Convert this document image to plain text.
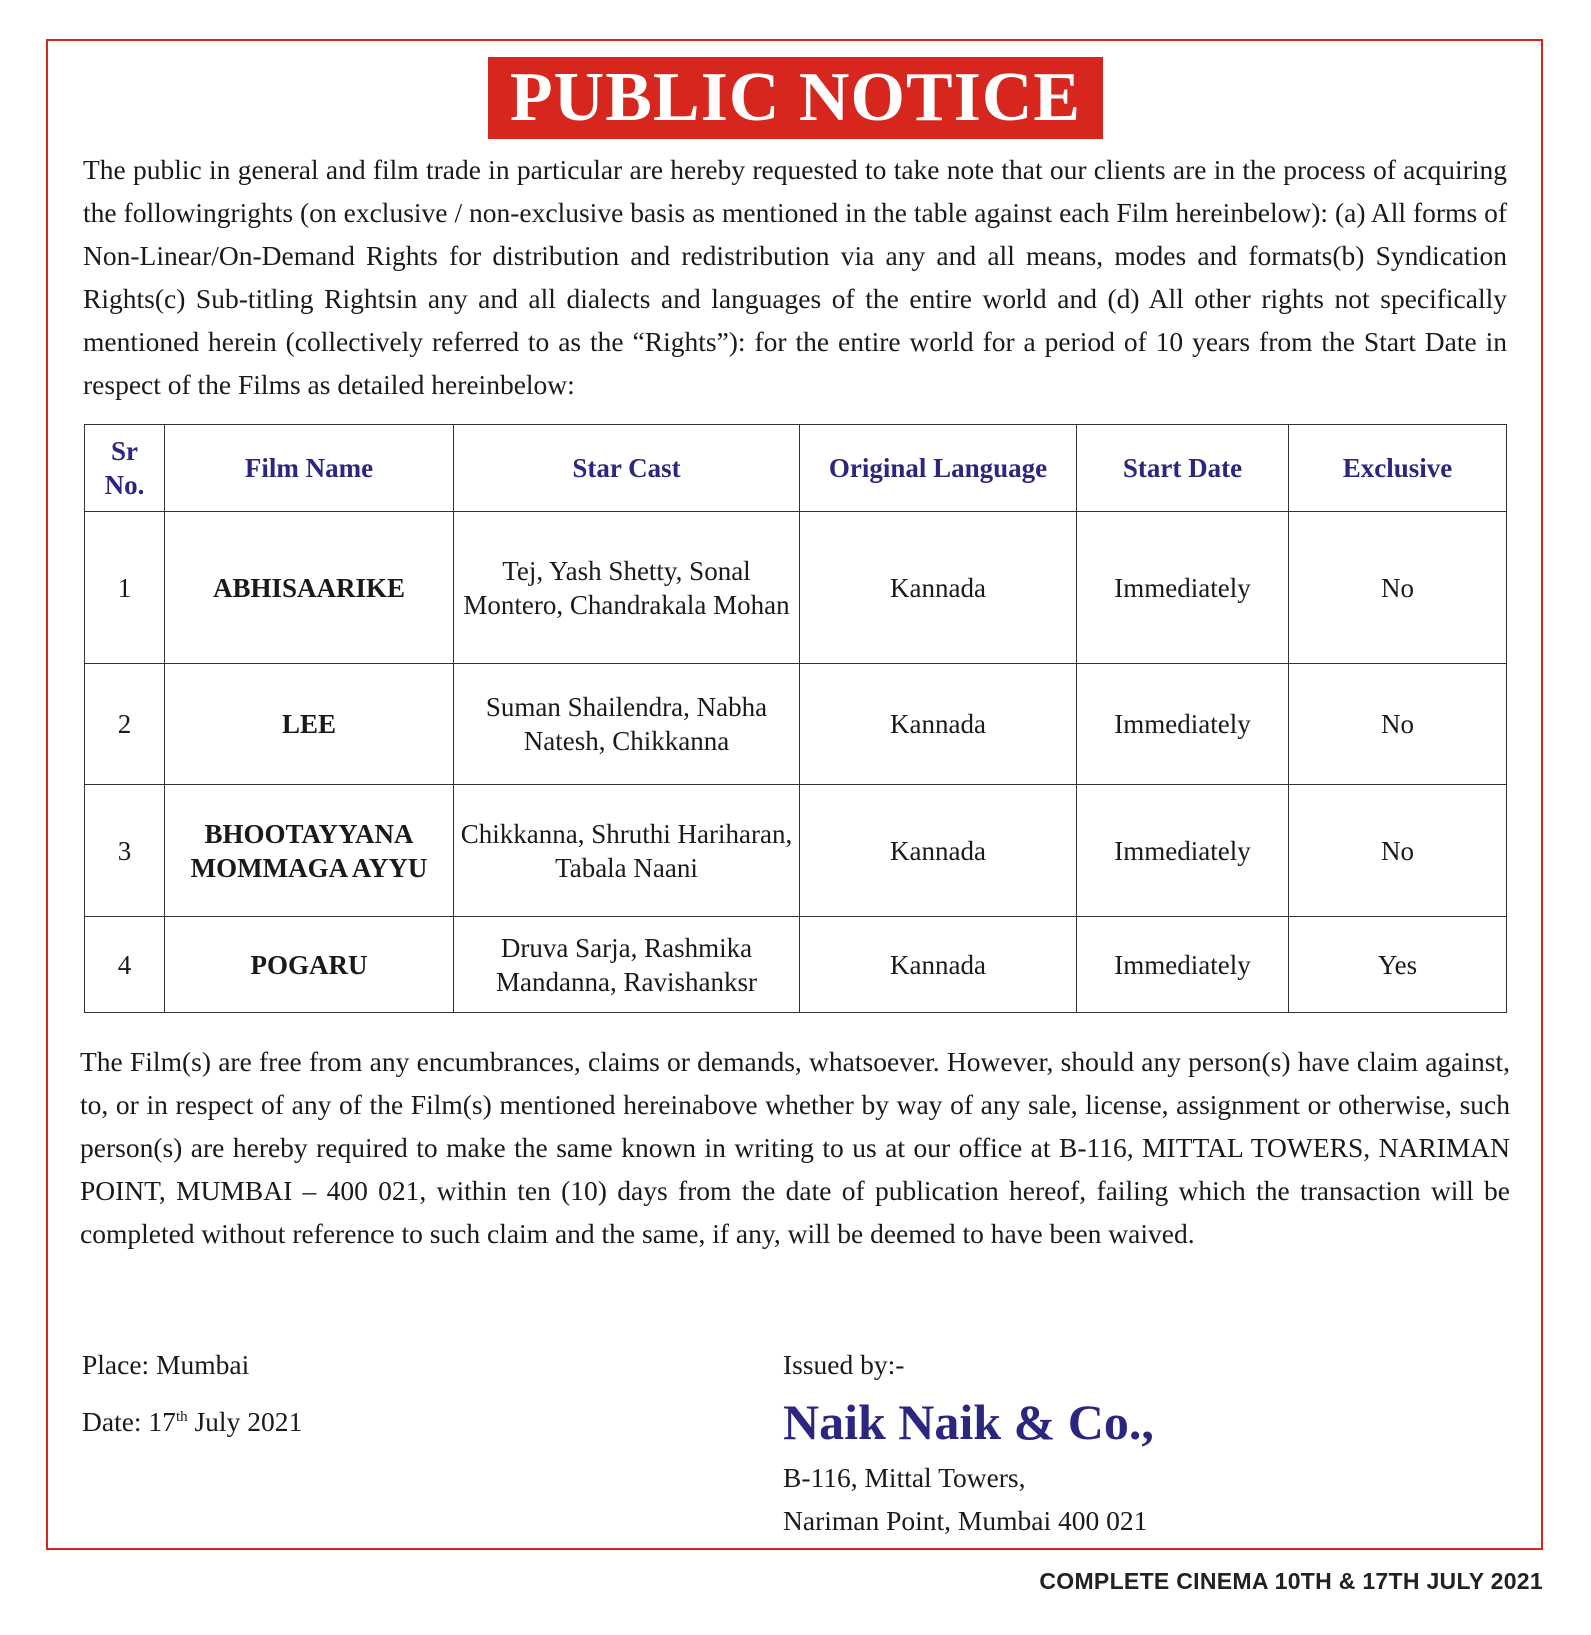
PUBLIC NOTICE

The public in general and film trade in particular are hereby requested to take note that our clients are in the process of acquiring the followingrights (on exclusive / non-exclusive basis as mentioned in the table against each Film hereinbelow): (a) All forms of Non-Linear/On-Demand Rights for distribution and redistribution via any and all means, modes and formats(b) Syndication Rights(c) Sub-titling Rightsin any and all dialects and languages of the entire world and (d) All other rights not specifically mentioned herein (collectively referred to as the “Rights”): for the entire world for a period of 10 years from the Start Date in respect of the Films as detailed hereinbelow:

Sr No.	Film Name	Star Cast	Original Language	Start Date	Exclusive
1	ABHISAARIKE	Tej, Yash Shetty, Sonal Montero, Chandrakala Mohan	Kannada	Immediately	No
2	LEE	Suman Shailendra, Nabha Natesh, Chikkanna	Kannada	Immediately	No
3	BHOOTAYYANA MOMMAGA AYYU	Chikkanna, Shruthi Hariharan, Tabala Naani	Kannada	Immediately	No
4	POGARU	Druva Sarja, Rashmika Mandanna, Ravishanksr	Kannada	Immediately	Yes

The Film(s) are free from any encumbrances, claims or demands, whatsoever. However, should any person(s) have claim against, to, or in respect of any of the Film(s) mentioned hereinabove whether by way of any sale, license, assignment or otherwise, such person(s) are hereby required to make the same known in writing to us at our office at B-116, MITTAL TOWERS, NARIMAN POINT, MUMBAI – 400 021, within ten (10) days from the date of publication hereof, failing which the transaction will be completed without reference to such claim and the same, if any, will be deemed to have been waived.

Place: Mumbai
Date: 17th July 2021
Issued by:-
Naik Naik & Co.,
B-116, Mittal Towers,
Nariman Point, Mumbai 400 021
COMPLETE CINEMA 10TH & 17TH JULY 2021
